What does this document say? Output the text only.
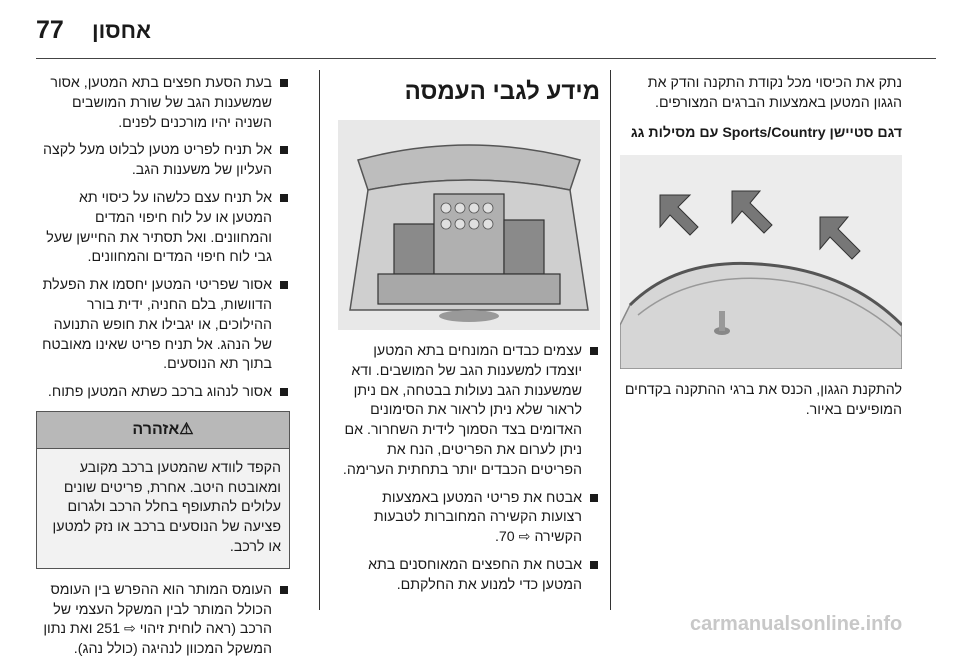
77 אחסון

נתק את הכיסוי מכל נקודת התקנה והדק את הגגון המטען באמצעות הברגים המצורפים.

דגם סטיישן Sports/Country עם מסילות גג

להתקנת הגגון, הכנס את ברגי ההתקנה בקדחים המופיעים באיור.

מידע לגבי העמסה
עצמים כבדים המונחים בתא המטען יוצמדו למשענות הגב של המושבים. ודא שמשענות הגב נעולות בבטחה, אם ניתן לראור שלא ניתן לראור את הסימונים האדומים בצד הסמוך לידית השחרור. אם ניתן לערום את הפריטים, הנח את הפריטים הכבדים יותר בתחתית הערימה.
אבטח את פריטי המטען באמצעות רצועות הקשירה המחוברות לטבעות הקשירה ⇨ 70.
אבטח את החפצים המאוחסנים בתא המטען כדי למנוע את החלקתם.
בעת הסעת חפצים בתא המטען, אסור שמשענות הגב של שורת המושבים השניה יהיו מורכנים לפנים.
אל תניח לפריט מטען לבלוט מעל לקצה העליון של משענות הגב.
אל תניח עצם כלשהו על כיסוי תא המטען או על לוח חיפוי המדים והמחוונים. ואל תסתיר את החיישן שעל גבי לוח חיפוי המדים והמחוונים.
אסור שפריטי המטען יחסמו את הפעלת הדוושות, בלם החניה, ידית בורר ההילוכים, או יגבילו את חופש התנועה של הנהג. אל תניח פריט שאינו מאובטח בתוך תא הנוסעים.
אסור לנהוג ברכב כשתא המטען פתוח.
⚠אזהרה
הקפד לוודא שהמטען ברכב מקובע ומאובטח היטב. אחרת, פריטים שונים עלולים להתעופף בחלל הרכב ולגרום פציעה של הנוסעים ברכב או נזק למטען או לרכב.
העומס המותר הוא ההפרש בין העומס הכולל המותר לבין המשקל העצמי של הרכב (ראה לוחית זיהוי ⇨ 251 ואת נתון המשקל המכוון לנהיגה (כולל נהג).
carmanualsonline.info
